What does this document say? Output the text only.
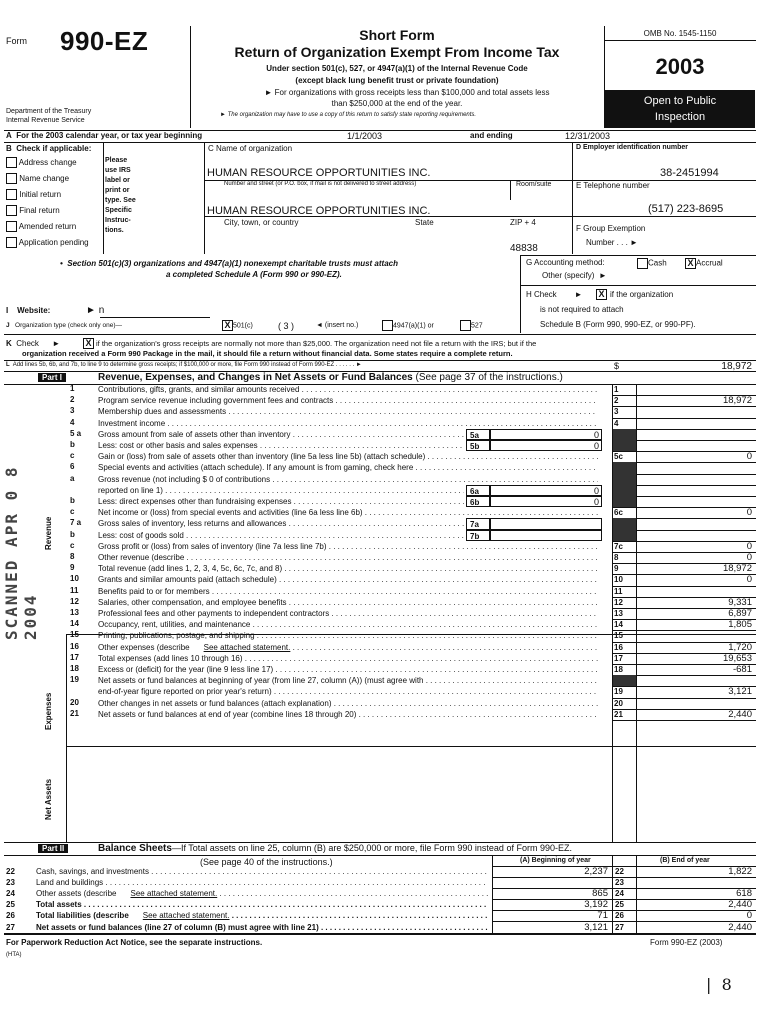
Form 990-EZ
Department of the Treasury
Internal Revenue Service
Short Form
Return of Organization Exempt From Income Tax
Under section 501(c), 527, or 4947(a)(1) of the Internal Revenue Code
(except black lung benefit trust or private foundation)
► For organizations with gross receipts less than $100,000 and total assets less
than $250,000 at the end of the year.
► The organization may have to use a copy of this return to satisfy state reporting requirements.
OMB No. 1545-1150
2003
Open to Public
Inspection
A  For the 2003 calendar year, or tax year beginning	1/1/2003	and ending	12/31/2003
B  Check if applicable:
Address change
Name change
Initial return
Final return
Amended return
Application pending
Please
use IRS
label or
print or
type. See
Specific
Instruc-
tions.
C Name of organization
HUMAN RESOURCE OPPORTUNITIES INC.
Number and street (or P.O. box, if mail is not delivered to street address)	Room/suite
HUMAN RESOURCE OPPORTUNITIES INC.
City, town, or country	State	ZIP + 4
48838
D Employer identification number
38-2451994
E Telephone number
(517) 223-8695
F Group Exemption
Number . . . ►
•  Section 501(c)(3) organizations and 4947(a)(1) nonexempt charitable trusts must attach
a completed Schedule A (Form 990 or 990-EZ).
G Accounting method:	Cash X Accrual
Other (specify)  ►
H Check        ► X if the organization
is not required to attach
Schedule B (Form 990, 990-EZ, or 990-PF).
I    Website:	► n
J Organization type (check only one)—	X 501(c)	( 3 )	◄ (insert no.)	4947(a)(1) or	527
K Check      ►	X if the organization's gross receipts are normally not more than $25,000. The organization need not file a return with the IRS; but if the
organization received a Form 990 Package in the mail, it should file a return without financial data. Some states require a complete return.
L Add lines 5b, 6b, and 7b, to line 9 to determine gross receipts; if $100,000 or more, file Form 990 instead of Form 990-EZ . . . . . . ►	$	18,972
Part I	Revenue, Expenses, and Changes in Net Assets or Fund Balances (See page 37 of the instructions.)
1	Contributions, gifts, grants, and similar amounts received . . .	1
2	Program service revenue including government fees and contracts . . .	2	18,972
3	Membership dues and assessments . . .	3
4	Investment income . . .	4
5 a Gross amount from sale of assets other than inventory . . .	5a	0
b	Less: cost or other basis and sales expenses . . .	5b	0
c	Gain or (loss) from sale of assets other than inventory (line 5a less line 5b) (attach schedule) . . .	5c	0
6	Special events and activities (attach schedule). If any amount is from gaming, check here . . .
a	Gross revenue (not including $ 0 of contributions . . .
reported on line 1) . . .	6a	0
b	Less: direct expenses other than fundraising expenses . . .	6b	0
c	Net income or (loss) from special events and activities (line 6a less line 6b) . . .	6c	0
7 a Gross sales of inventory, less returns and allowances . . .	7a
b	Less: cost of goods sold . . .	7b
c	Gross profit or (loss) from sales of inventory (line 7a less line 7b) . . .	7c	0
8	Other revenue (describe . . .	8	0
9	Total revenue (add lines 1, 2, 3, 4, 5c, 6c, 7c, and 8) . . .	9	18,972
10 Grants and similar amounts paid (attach schedule) . . .	10	0
11 Benefits paid to or for members . . .	11
12 Salaries, other compensation, and employee benefits . . .	12	9,331
13 Professional fees and other payments to independent contractors . . .	13	6,897
14 Occupancy, rent, utilities, and maintenance . . .	14	1,805
15 Printing, publications, postage, and shipping . . .	15
16 Other expenses (describe See attached statement. . . .	16	1,720
17 Total expenses (add lines 10 through 16) . . .	17	19,653
18 Excess or (deficit) for the year (line 9 less line 17) . . .	18	-681
19 Net assets or fund balances at beginning of year (from line 27, column (A)) (must agree with . . .
end-of-year figure reported on prior year's return) . . .	19	3,121
20 Other changes in net assets or fund balances (attach explanation) . . .	20
21 Net assets or fund balances at end of year (combine lines 18 through 20) . . .	21	2,440
Revenue
Expenses
Net Assets
SCANNED APR 0 8 2004
Part II	Balance Sheets—If Total assets on line 25, column (B) are $250,000 or more, file Form 990 instead of Form 990-EZ.
(See page 40 of the instructions.)	(A) Beginning of year	(B) End of year
22	Cash, savings, and investments . . .	2,237 22	1,822
23	Land and buildings . . .	23
24	Other assets (describe See attached statement. . . .	865 24	618
25	Total assets . . .	3,192 25	2,440
26	Total liabilities (describe See attached statement. . . .	71 26	0
27	Net assets or fund balances (line 27 of column (B) must agree with line 21) . . .	3,121 27	2,440
For Paperwork Reduction Act Notice, see the separate instructions.
(HTA)
Form 990-EZ (2003)
|  8
